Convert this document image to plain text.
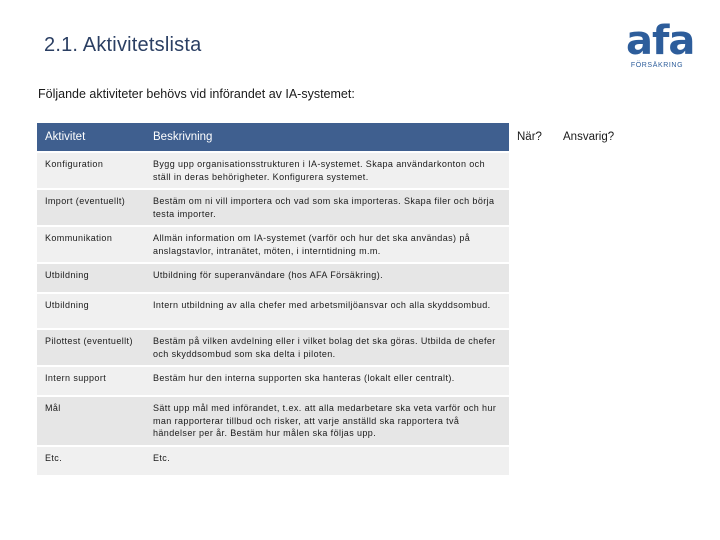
2.1. Aktivitetslista	afa
FÖRSÄKRING
Följande aktiviteter behövs vid införandet av IA-systemet:
Aktivitet	Beskrivning	När?	Ansvarig?
Konfiguration	Bygg upp organisationsstrukturen i IA-systemet. Skapa användarkonton och ställ in deras behörigheter. Konfigurera systemet.		
Import (eventuellt)	Bestäm om ni vill importera och vad som ska importeras. Skapa filer och börja testa importer.		
Kommunikation	Allmän information om IA-systemet (varför och hur det ska användas) på anslagstavlor, intranätet, möten, i interntidning m.m.		
Utbildning	Utbildning för superanvändare (hos AFA Försäkring).		
Utbildning	Intern utbildning av alla chefer med arbetsmiljöansvar och alla skyddsombud.		
Pilottest (eventuellt)	Bestäm på vilken avdelning eller i vilket bolag det ska göras. Utbilda de chefer och skyddsombud som ska delta i piloten.		
Intern support	Bestäm hur den interna supporten ska hanteras (lokalt eller centralt).		
Mål	Sätt upp mål med införandet, t.ex. att alla medarbetare ska veta varför och hur man rapporterar tillbud och risker, att varje anställd ska rapportera två händelser per år. Bestäm hur målen ska följas upp.		
Etc.	Etc.		
